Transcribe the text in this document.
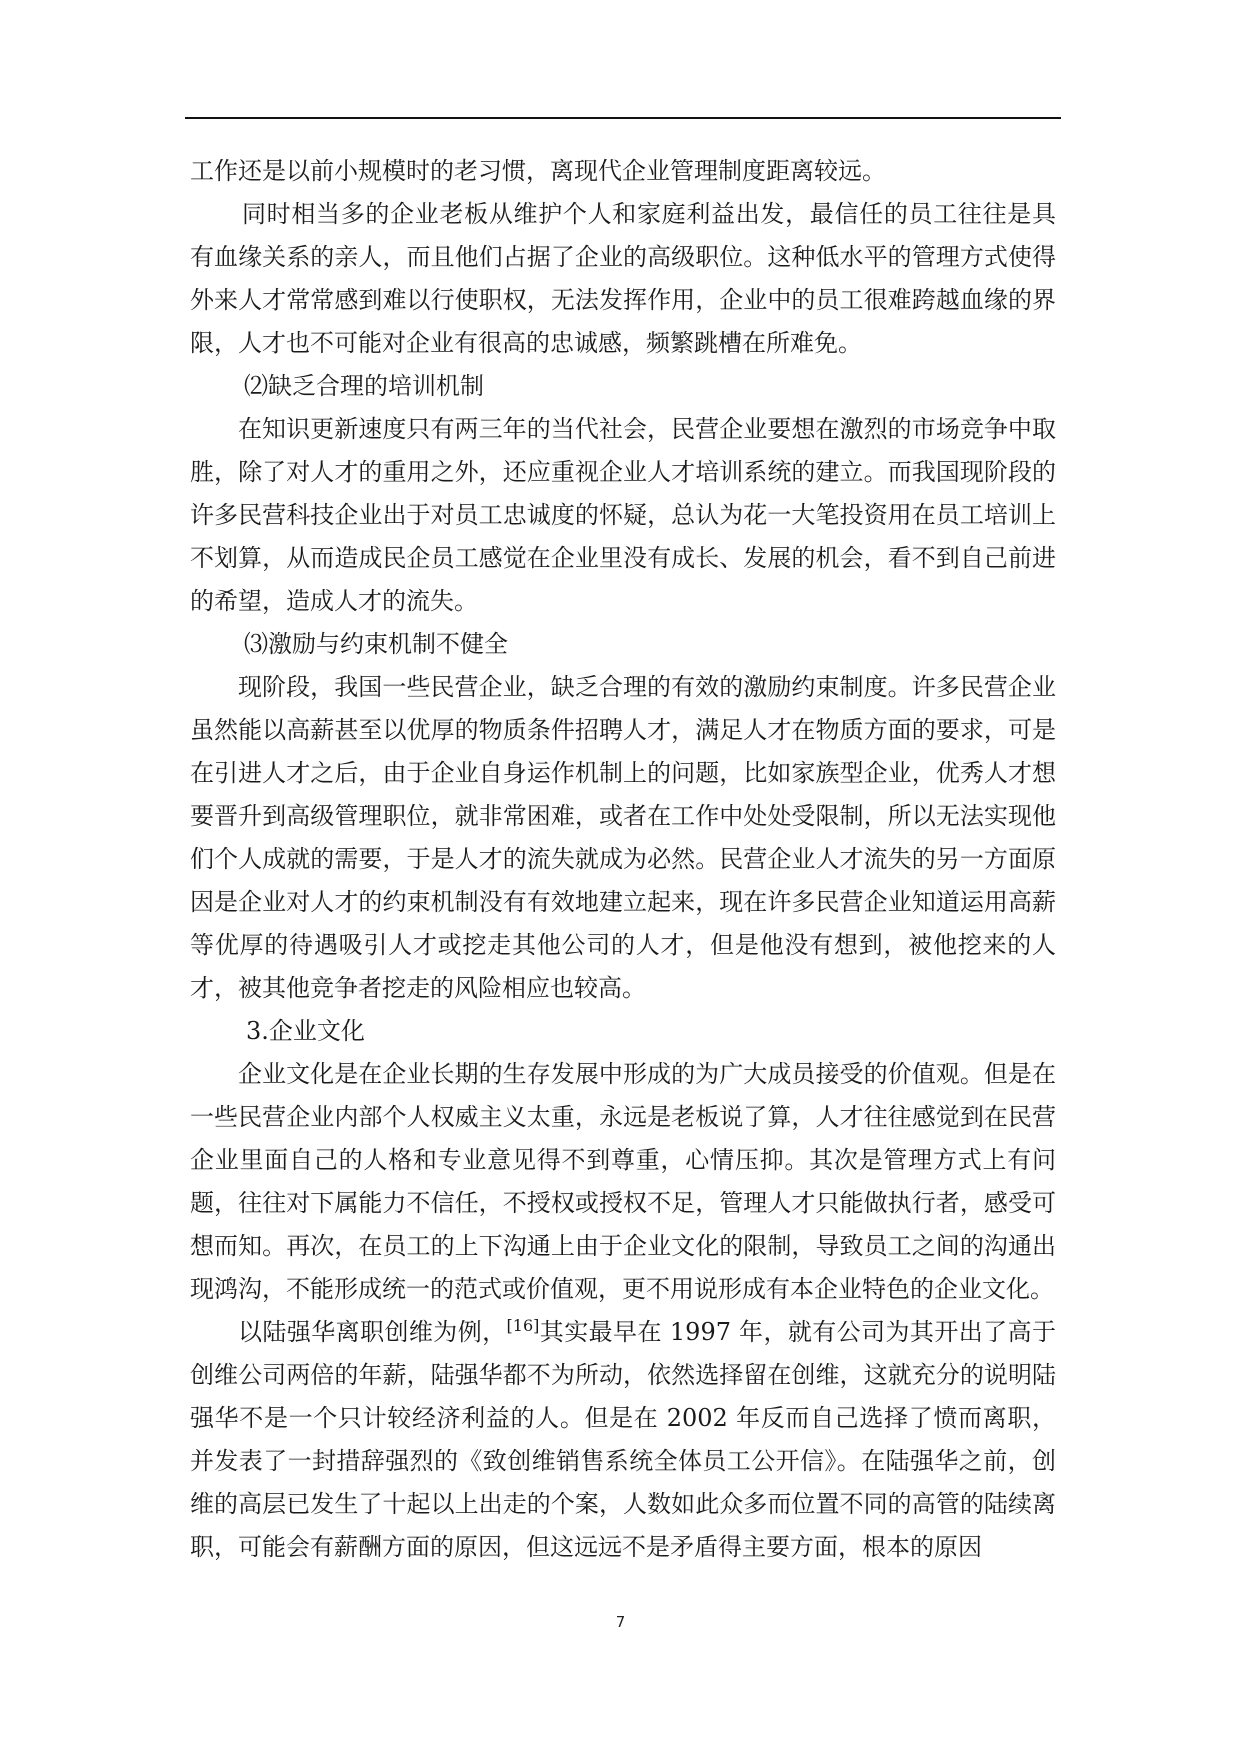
工作还是以前小规模时的老习惯，离现代企业管理制度距离较远。

同时相当多的企业老板从维护个人和家庭利益出发，最信任的员工往往是具有血缘关系的亲人，而且他们占据了企业的高级职位。这种低水平的管理方式使得外来人才常常感到难以行使职权，无法发挥作用，企业中的员工很难跨越血缘的界限，人才也不可能对企业有很高的忠诚感，频繁跳槽在所难免。

⑵缺乏合理的培训机制

在知识更新速度只有两三年的当代社会，民营企业要想在激烈的市场竞争中取胜，除了对人才的重用之外，还应重视企业人才培训系统的建立。而我国现阶段的许多民营科技企业出于对员工忠诚度的怀疑，总认为花一大笔投资用在员工培训上不划算，从而造成民企员工感觉在企业里没有成长、发展的机会，看不到自己前进的希望，造成人才的流失。

⑶激励与约束机制不健全

现阶段，我国一些民营企业，缺乏合理的有效的激励约束制度。许多民营企业虽然能以高薪甚至以优厚的物质条件招聘人才，满足人才在物质方面的要求，可是在引进人才之后，由于企业自身运作机制上的问题，比如家族型企业，优秀人才想要晋升到高级管理职位，就非常困难，或者在工作中处处受限制，所以无法实现他们个人成就的需要，于是人才的流失就成为必然。民营企业人才流失的另一方面原因是企业对人才的约束机制没有有效地建立起来，现在许多民营企业知道运用高薪等优厚的待遇吸引人才或挖走其他公司的人才，但是他没有想到，被他挖来的人才，被其他竞争者挖走的风险相应也较高。

3.企业文化

企业文化是在企业长期的生存发展中形成的为广大成员接受的价值观。但是在一些民营企业内部个人权威主义太重，永远是老板说了算，人才往往感觉到在民营企业里面自己的人格和专业意见得不到尊重，心情压抑。其次是管理方式上有问题，往往对下属能力不信任，不授权或授权不足，管理人才只能做执行者，感受可想而知。再次，在员工的上下沟通上由于企业文化的限制，导致员工之间的沟通出现鸿沟，不能形成统一的范式或价值观，更不用说形成有本企业特色的企业文化。

以陆强华离职创维为例，[16]其实最早在 1997 年，就有公司为其开出了高于创维公司两倍的年薪，陆强华都不为所动，依然选择留在创维，这就充分的说明陆强华不是一个只计较经济利益的人。但是在 2002 年反而自己选择了愤而离职，并发表了一封措辞强烈的《致创维销售系统全体员工公开信》。在陆强华之前，创维的高层已发生了十起以上出走的个案，人数如此众多而位置不同的高管的陆续离职，可能会有薪酬方面的原因，但这远远不是矛盾得主要方面，根本的原因

7
